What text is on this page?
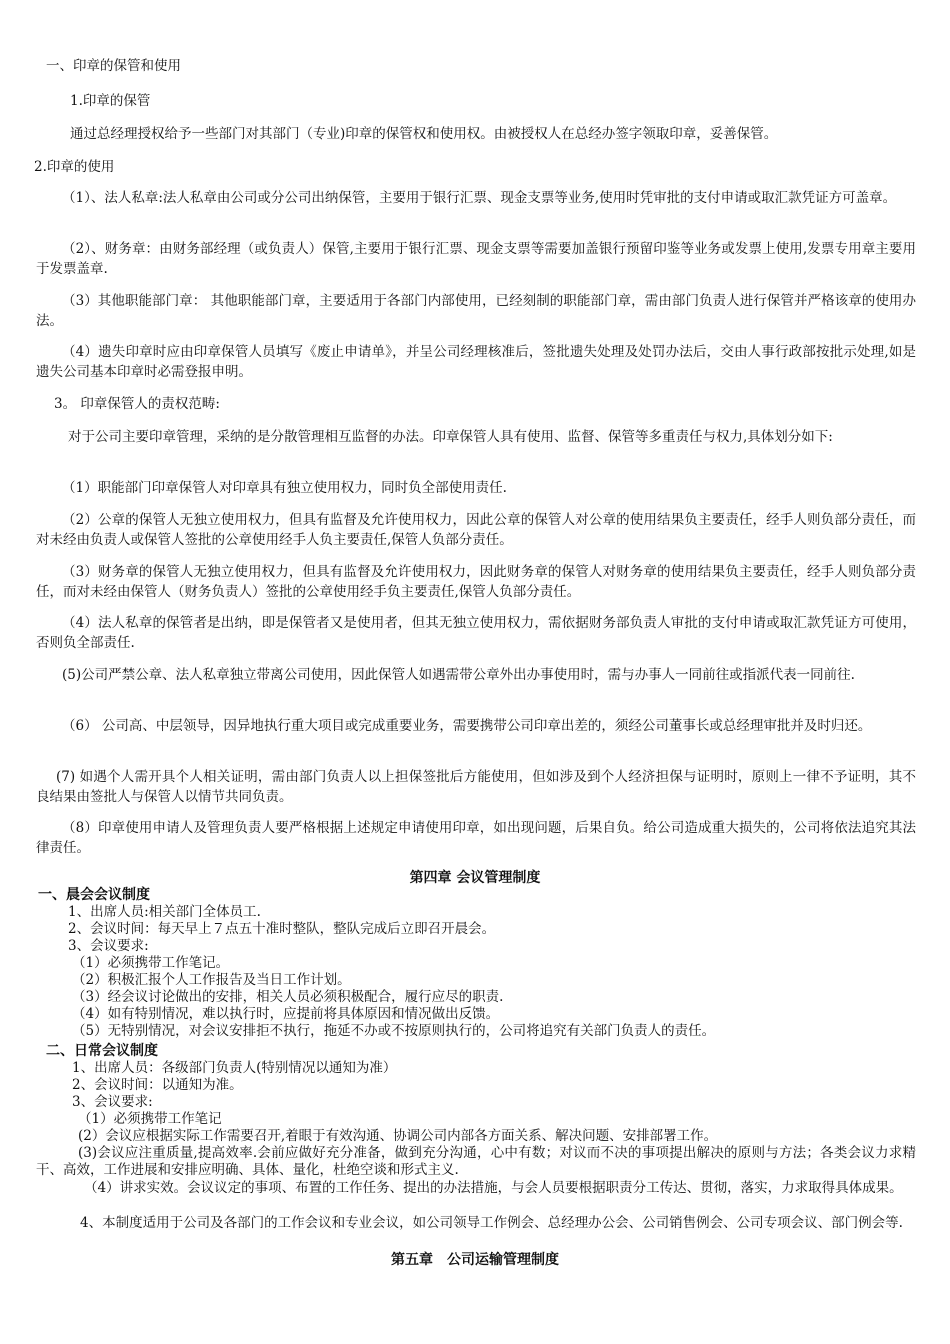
一、印章的保管和使用

1.印章的保管

通过总经理授权给予一些部门对其部门（专业)印章的保管权和使用权。由被授权人在总经办签字领取印章，妥善保管。

2.印章的使用

（1）、法人私章:法人私章由公司或分公司出纳保管，主要用于银行汇票、现金支票等业务,使用时凭审批的支付申请或取汇款凭证方可盖章。

（2）、财务章：由财务部经理（或负责人）保管,主要用于银行汇票、现金支票等需要加盖银行预留印鉴等业务或发票上使用,发票专用章主要用于发票盖章.

（3）其他职能部门章： 其他职能部门章，主要适用于各部门内部使用，已经刻制的职能部门章，需由部门负责人进行保管并严格该章的使用办法。

（4）遗失印章时应由印章保管人员填写《废止申请单》，并呈公司经理核准后，签批遗失处理及处罚办法后，交由人事行政部按批示处理,如是遗失公司基本印章时必需登报申明。

3。 印章保管人的责权范畴:

对于公司主要印章管理，采纳的是分散管理相互监督的办法。印章保管人具有使用、监督、保管等多重责任与权力,具体划分如下:

（1）职能部门印章保管人对印章具有独立使用权力，同时负全部使用责任.

（2）公章的保管人无独立使用权力，但具有监督及允许使用权力，因此公章的保管人对公章的使用结果负主要责任，经手人则负部分责任，而对未经由负责人或保管人签批的公章使用经手人负主要责任,保管人负部分责任。

（3）财务章的保管人无独立使用权力，但具有监督及允许使用权力，因此财务章的保管人对财务章的使用结果负主要责任，经手人则负部分责任，而对未经由保管人（财务负责人）签批的公章使用经手负主要责任,保管人负部分责任。

（4）法人私章的保管者是出纳，即是保管者又是使用者，但其无独立使用权力，需依据财务部负责人审批的支付申请或取汇款凭证方可使用，否则负全部责任.

(5)公司严禁公章、法人私章独立带离公司使用，因此保管人如遇需带公章外出办事使用时，需与办事人一同前往或指派代表一同前往.

（6） 公司高、中层领导，因异地执行重大项目或完成重要业务，需要携带公司印章出差的，须经公司董事长或总经理审批并及时归还。

(7) 如遇个人需开具个人相关证明，需由部门负责人以上担保签批后方能使用，但如涉及到个人经济担保与证明时，原则上一律不予证明，其不良结果由签批人与保管人以情节共同负责。

（8）印章使用申请人及管理负责人要严格根据上述规定申请使用印章，如出现问题，后果自负。给公司造成重大损失的，公司将依法追究其法律责任。

第四章 会议管理制度
一、晨会会议制度

1、出席人员:相关部门全体员工.

2、会议时间：每天早上７点五十准时整队，整队完成后立即召开晨会。

3、会议要求:

（1）必须携带工作笔记。

（2）积极汇报个人工作报告及当日工作计划。

（3）经会议讨论做出的安排，相关人员必须积极配合，履行应尽的职责.

（4）如有特别情况，难以执行时，应提前将具体原因和情况做出反馈。

（5）无特别情况，对会议安排拒不执行，拖延不办或不按原则执行的，公司将追究有关部门负责人的责任。

二、日常会议制度

1、出席人员：各级部门负责人(特别情况以通知为准）

2、会议时间：以通知为准。

3、会议要求:

（1）必须携带工作笔记

(2）会议应根据实际工作需要召开,着眼于有效沟通、协调公司内部各方面关系、解决问题、安排部署工作。

(3)会议应注重质量,提高效率.会前应做好充分准备，做到充分沟通，心中有数；对议而不决的事项提出解决的原则与方法；各类会议力求精干、高效，工作进展和安排应明确、具体、量化，杜绝空谈和形式主义.

（4）讲求实效。会议议定的事项、布置的工作任务、提出的办法措施，与会人员要根据职责分工传达、贯彻，落实，力求取得具体成果。

4、本制度适用于公司及各部门的工作会议和专业会议，如公司领导工作例会、总经理办公会、公司销售例会、公司专项会议、部门例会等.

第五章　公司运输管理制度
